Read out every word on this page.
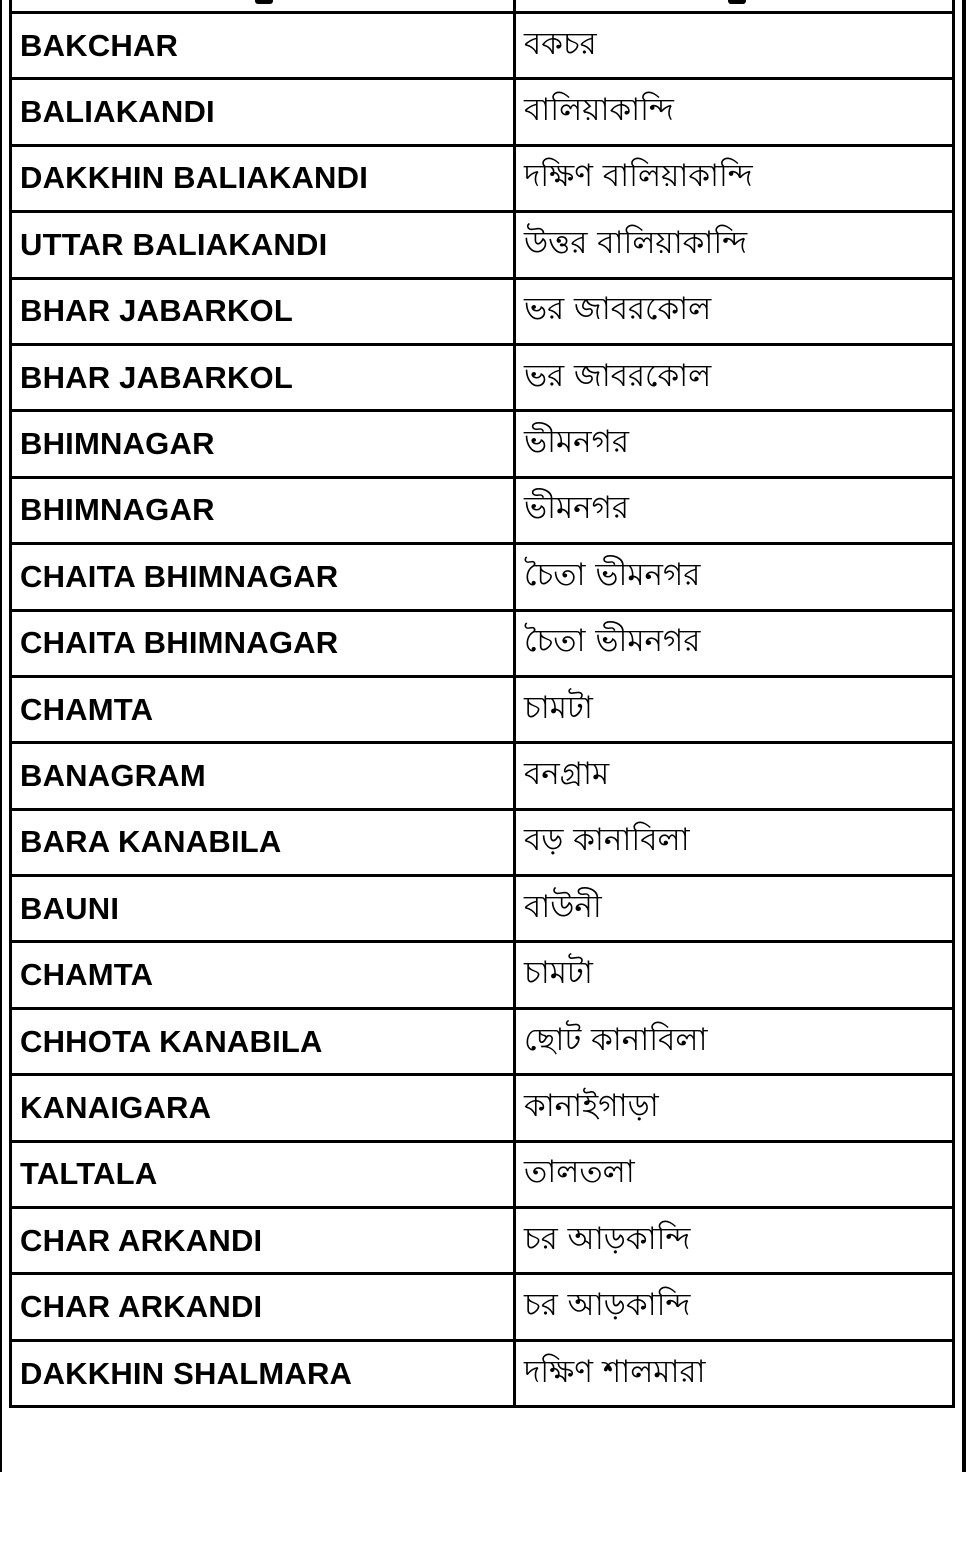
BAKCHAR	বকচর
BALIAKANDI	বালিয়াকান্দি
DAKKHIN BALIAKANDI	দক্ষিণ বালিয়াকান্দি
UTTAR BALIAKANDI	উত্তর বালিয়াকান্দি
BHAR JABARKOL	ভর জাবরকোল
BHAR JABARKOL	ভর জাবরকোল
BHIMNAGAR	ভীমনগর
BHIMNAGAR	ভীমনগর
CHAITA BHIMNAGAR	চৈতা ভীমনগর
CHAITA BHIMNAGAR	চৈতা ভীমনগর
CHAMTA	চামটা
BANAGRAM	বনগ্রাম
BARA KANABILA	বড় কানাবিলা
BAUNI	বাউনী
CHAMTA	চামটা
CHHOTA KANABILA	ছোট কানাবিলা
KANAIGARA	কানাইগাড়া
TALTALA	তালতলা
CHAR ARKANDI	চর আড়কান্দি
CHAR ARKANDI	চর আড়কান্দি
DAKKHIN SHALMARA	দক্ষিণ শালমারা
